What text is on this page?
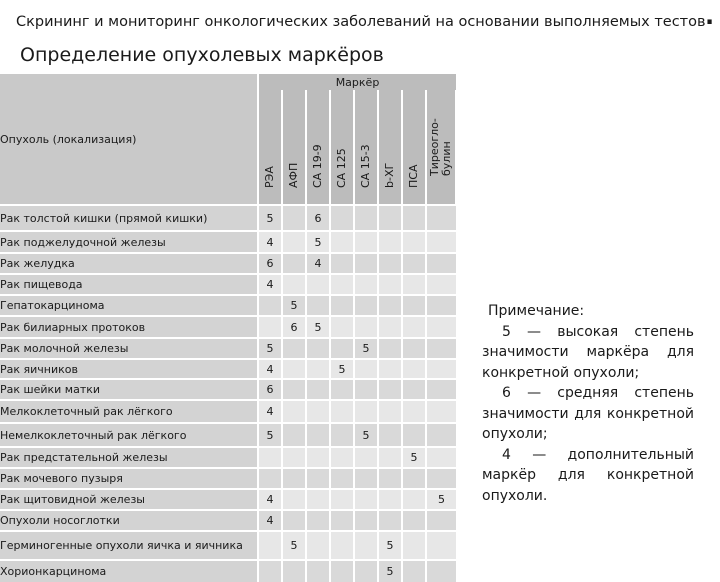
Скрининг и мониторинг онкологических заболеваний на основании выполняемых тестов .
Определение опухолевых маркёров
Опухоль (локализация)	Маркёр							

	РЭА	АФП	СА 19-9	СА 125	СА 15-3	b-ХГ	ПСА	Тиреогло- булин

Рак толстой кишки (прямой кишки)	5		6					
Рак поджелудочной железы	4		5					
Рак желудка	6		4					
Рак пищевода	4							
Гепатокарцинома		5						
Рак билиарных протоков		6	5					
Рак молочной железы	5				5			
Рак яичников	4			5				
Рак шейки матки	6							
Мелкоклеточный рак лёгкого	4							
Немелкоклеточный рак лёгкого	5				5			
Рак предстательной железы							5	
Рак мочевого пузыря								
Рак щитовидной железы	4							5
Опухоли носоглотки	4							
Герминогенные опухоли яичка и яичника		5				5		
Хорионкарцинома						5		
Примечание:
5 — высокая степень значимости маркёра для конкретной опухоли;
6 — средняя степень значимости для конкретной опухоли;
4 — дополнительный маркёр для конкретной опухоли.
